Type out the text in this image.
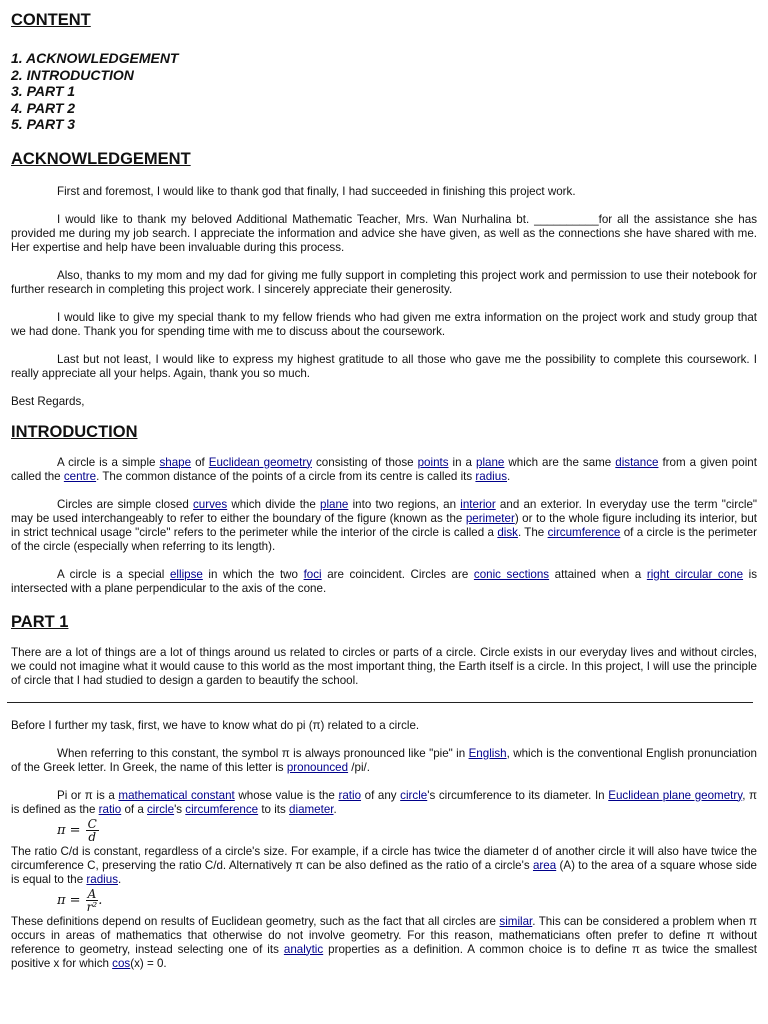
CONTENT
1. ACKNOWLEDGEMENT
2. INTRODUCTION
3. PART 1
4. PART 2
5. PART 3
ACKNOWLEDGEMENT

First and foremost, I would like to thank god that finally, I had succeeded in finishing this project work.

I would like to thank my beloved Additional Mathematic Teacher, Mrs. Wan Nurhalina bt. __________for all the assistance she has provided me during my job search. I appreciate the information and advice she have given, as well as the connections she have shared with me. Her expertise and help have been invaluable during this process.

Also, thanks to my mom and my dad for giving me fully support in completing this project work and permission to use their notebook for further research in completing this project work. I sincerely appreciate their generosity.

I would like to give my special thank to my fellow friends who had given me extra information on the project work and study group that we had done. Thank you for spending time with me to discuss about the coursework.

Last but not least, I would like to express my highest gratitude to all those who gave me the possibility to complete this coursework. I really appreciate all your helps. Again, thank you so much.

Best Regards,

INTRODUCTION

A circle is a simple shape of Euclidean geometry consisting of those points in a plane which are the same distance from a given point called the centre. The common distance of the points of a circle from its centre is called its radius.

Circles are simple closed curves which divide the plane into two regions, an interior and an exterior. In everyday use the term "circle" may be used interchangeably to refer to either the boundary of the figure (known as the perimeter) or to the whole figure including its interior, but in strict technical usage "circle" refers to the perimeter while the interior of the circle is called a disk. The circumference of a circle is the perimeter of the circle (especially when referring to its length).

A circle is a special ellipse in which the two foci are coincident. Circles are conic sections attained when a right circular cone is intersected with a plane perpendicular to the axis of the cone.

PART 1

There are a lot of things are a lot of things around us related to circles or parts of a circle. Circle exists in our everyday lives and without circles, we could not imagine what it would cause to this world as the most important thing, the Earth itself is a circle. In this project, I will use the principle of circle that I had studied to design a garden to beautify the school.

Before I further my task, first, we have to know what do pi (π) related to a circle.

When referring to this constant, the symbol π is always pronounced like "pie" in English, which is the conventional English pronunciation of the Greek letter. In Greek, the name of this letter is pronounced /pi/.

Pi or π is a mathematical constant whose value is the ratio of any circle's circumference to its diameter. In Euclidean plane geometry, π is defined as the ratio of a circle's circumference to its diameter.

$\pi = \frac{C}{d}$

The ratio C/d is constant, regardless of a circle's size. For example, if a circle has twice the diameter d of another circle it will also have twice the circumference C, preserving the ratio C/d. Alternatively π can be also defined as the ratio of a circle's area (A) to the area of a square whose side is equal to the radius.

$\pi = \frac{A}{\text{r²}}$ .

These definitions depend on results of Euclidean geometry, such as the fact that all circles are similar. This can be considered a problem when π occurs in areas of mathematics that otherwise do not involve geometry. For this reason, mathematicians often prefer to define π without reference to geometry, instead selecting one of its analytic properties as a definition. A common choice is to define π as twice the smallest positive x for which cos(x) = 0.
